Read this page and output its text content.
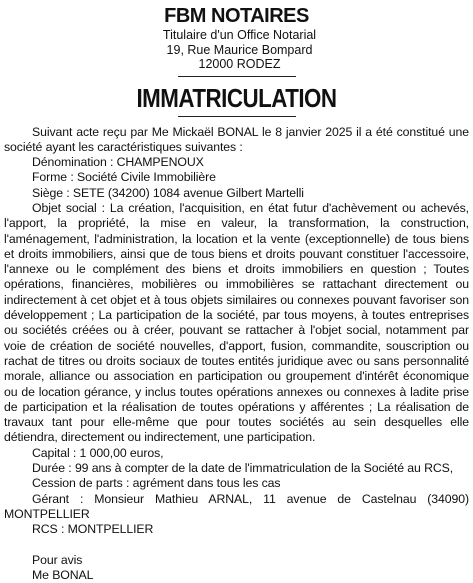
FBM NOTAIRES
Titulaire d'un Office Notarial
19, Rue Maurice Bompard
12000 RODEZ
IMMATRICULATION

Suivant acte reçu par Me Mickaël BONAL le 8 janvier 2025 il a été constitué une société ayant les caractéristiques suivantes :

Dénomination : CHAMPENOUX

Forme : Société Civile Immobilière

Siège : SETE (34200) 1084 avenue Gilbert Martelli

Objet social : La création, l'acquisition, en état futur d'achèvement ou achevés, l'apport, la propriété, la mise en valeur, la transformation, la construction, l'aménagement, l'administration, la location et la vente (exceptionnelle) de tous biens et droits immobiliers, ainsi que de tous biens et droits pouvant constituer l'accessoire, l'annexe ou le complément des biens et droits immobiliers en question ; Toutes opérations, financières, mobilières ou immobilières se rattachant directement ou indirectement à cet objet et à tous objets similaires ou connexes pouvant favoriser son développement ; La participation de la société, par tous moyens, à toutes entreprises ou sociétés créées ou à créer, pouvant se rattacher à l'objet social, notamment par voie de création de société nouvelles, d'apport, fusion, commandite, souscription ou rachat de titres ou droits sociaux de toutes entités juridique avec ou sans personnalité morale, alliance ou association en participation ou groupement d'intérêt économique ou de location gérance, y inclus toutes opérations annexes ou connexes à ladite prise de participation et la réalisation de toutes opérations y afférentes ; La réalisation de travaux tant pour elle-même que pour toutes sociétés au sein desquelles elle détiendra, directement ou indirectement, une participation.

Capital : 1 000,00 euros,

Durée : 99 ans à compter de la date de l'immatriculation de la Société au RCS,

Cession de parts : agrément dans tous les cas

Gérant : Monsieur Mathieu ARNAL, 11 avenue de Castelnau (34090) MONTPELLIER

RCS : MONTPELLIER

Pour avis

Me BONAL
